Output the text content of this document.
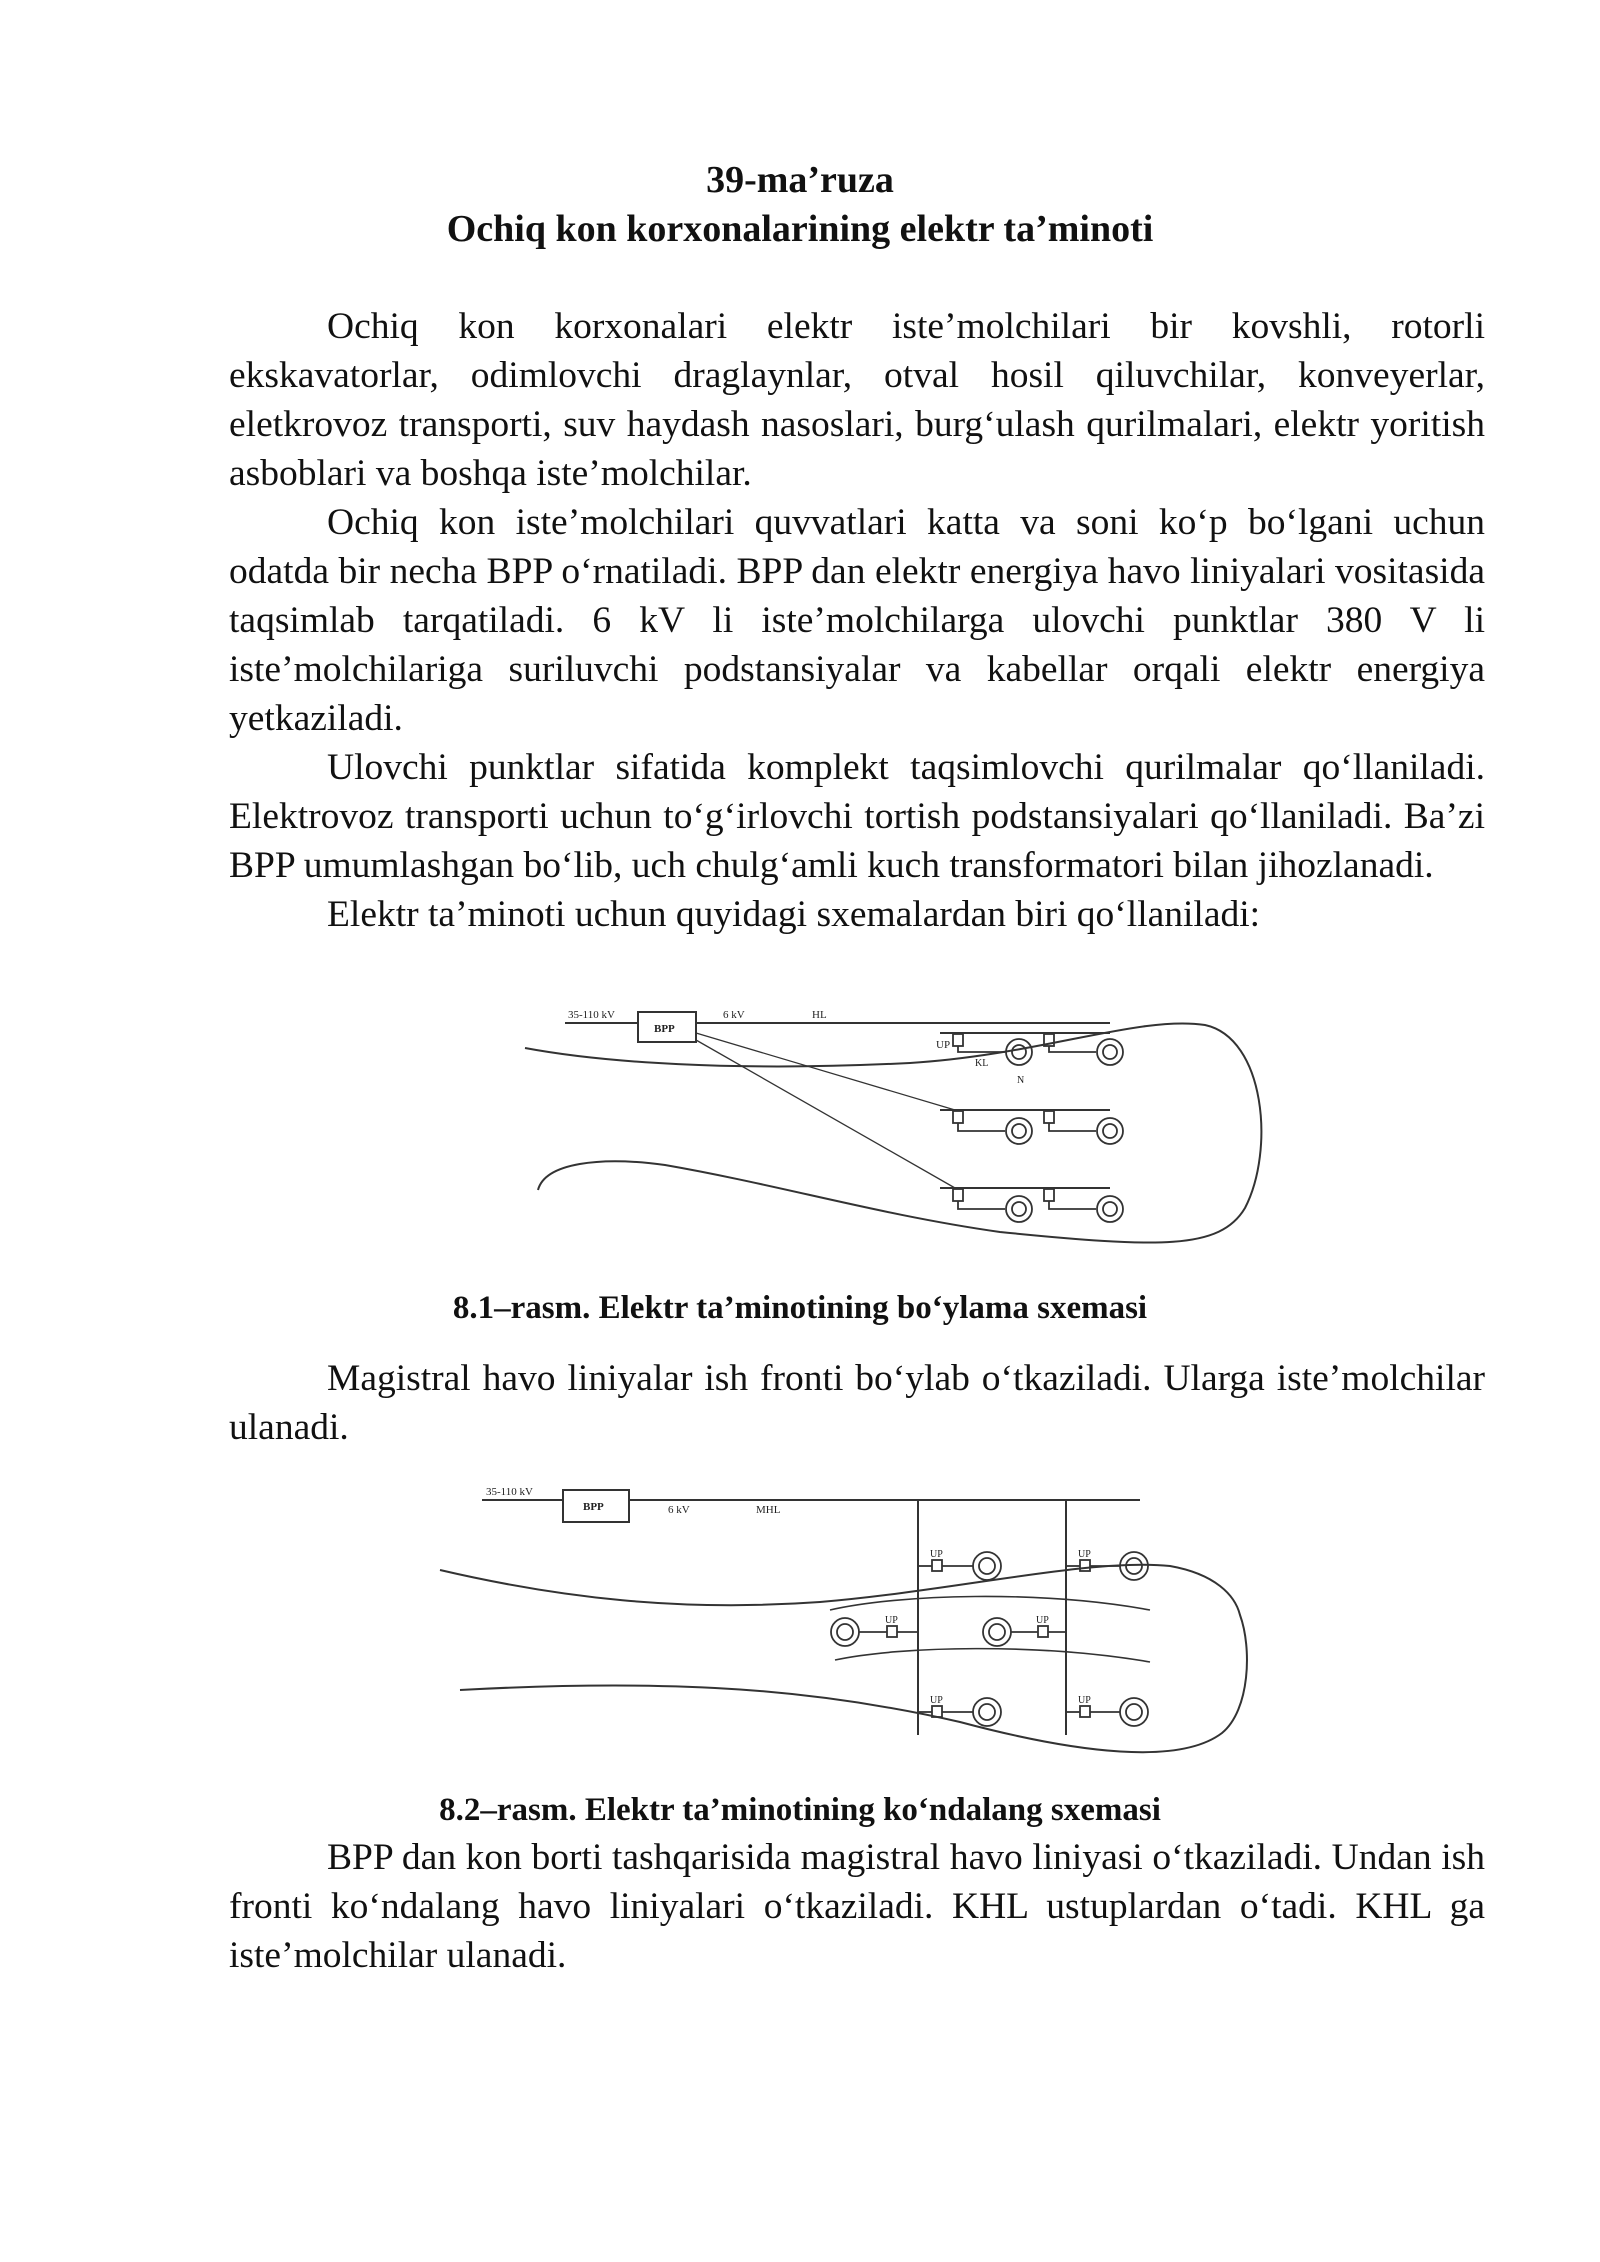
39-ma’ruza
Ochiq kon korxonalarining elektr ta’minoti

Ochiq kon korxonalari elektr iste’molchilari bir kovshli, rotorli ekskavatorlar, odimlovchi draglaynlar, otval hosil qiluvchilar, konveyerlar, eletkrovoz transporti, suv haydash nasoslari, burg‘ulash qurilmalari, elektr yoritish asboblari va boshqa iste’molchilar.

Ochiq kon iste’molchilari quvvatlari katta va soni ko‘p bo‘lgani uchun odatda bir necha BPP o‘rnatiladi. BPP dan elektr energiya havo liniyalari vositasida taqsimlab tarqatiladi. 6 kV li iste’molchilarga ulovchi punktlar 380 V li iste’molchilariga suriluvchi podstansiyalar va kabellar orqali elektr energiya yetkaziladi.

Ulovchi punktlar sifatida komplekt taqsimlovchi qurilmalar qo‘llaniladi. Elektrovoz transporti uchun to‘g‘irlovchi tortish podstansiyalari qo‘llaniladi. Ba’zi BPP umumlashgan bo‘lib, uch chulg‘amli kuch transformatori bilan jihozlanadi.

Elektr ta’minoti uchun quyidagi sxemalardan biri qo‘llaniladi:

35-110 kV
BPP
6 kV	HL
UP
KL
N
8.1–rasm. Elektr ta’minotining bo‘ylama sxemasi

Magistral havo liniyalar ish fronti bo‘ylab o‘tkaziladi. Ularga iste’molchilar ulanadi.

35-110 kV
BPP	6 kV	MHL
UP	UP
UP	UP
UP	UP
8.2–rasm. Elektr ta’minotining ko‘ndalang sxemasi

BPP dan kon borti tashqarisida magistral havo liniyasi o‘tkaziladi. Undan ish fronti ko‘ndalang havo liniyalari o‘tkaziladi. KHL ustuplardan o‘tadi. KHL ga iste’molchilar ulanadi.
